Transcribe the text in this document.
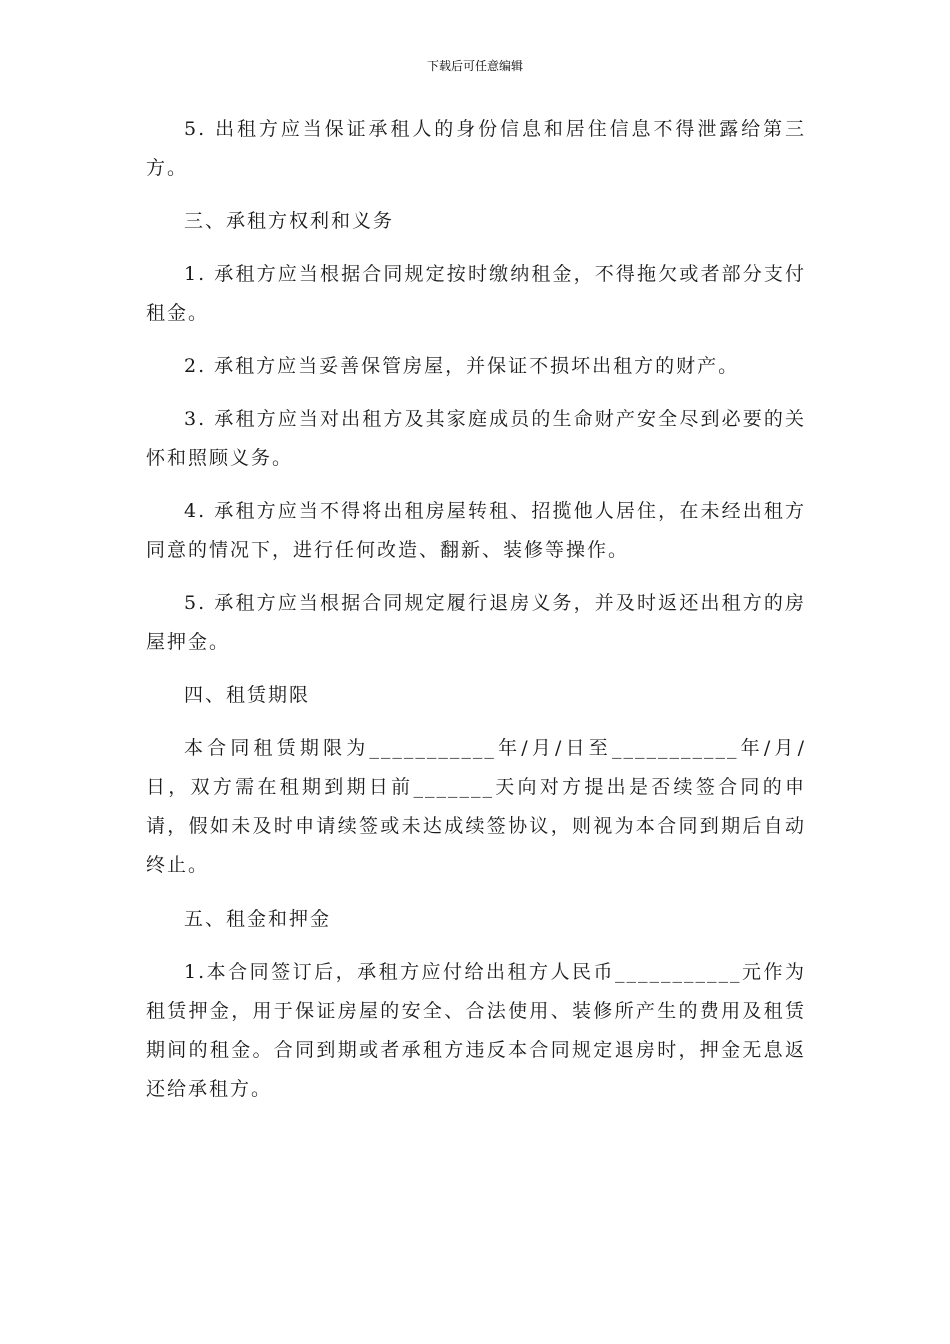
下载后可任意编辑

5. 出租方应当保证承租人的身份信息和居住信息不得泄露给第三方。

三、承租方权利和义务

1. 承租方应当根据合同规定按时缴纳租金，不得拖欠或者部分支付租金。

2. 承租方应当妥善保管房屋，并保证不损坏出租方的财产。

3. 承租方应当对出租方及其家庭成员的生命财产安全尽到必要的关怀和照顾义务。

4. 承租方应当不得将出租房屋转租、招揽他人居住，在未经出租方同意的情况下，进行任何改造、翻新、装修等操作。

5. 承租方应当根据合同规定履行退房义务，并及时返还出租方的房屋押金。

四、租赁期限

本合同租赁期限为___________年/月/日至___________年/月/日，双方需在租期到期日前_______天向对方提出是否续签合同的申请，假如未及时申请续签或未达成续签协议，则视为本合同到期后自动终止。

五、租金和押金

1.本合同签订后，承租方应付给出租方人民币___________元作为租赁押金，用于保证房屋的安全、合法使用、装修所产生的费用及租赁期间的租金。合同到期或者承租方违反本合同规定退房时，押金无息返还给承租方。
